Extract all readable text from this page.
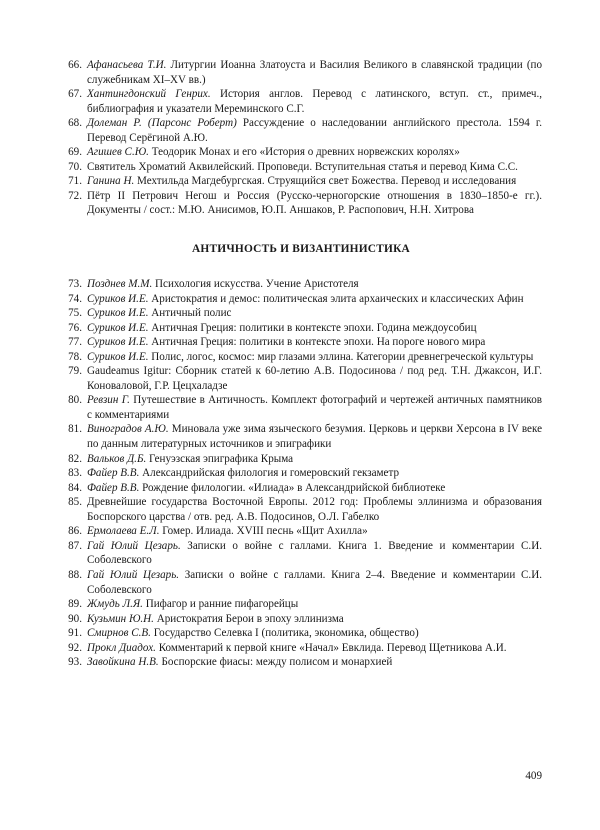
66. Афанасьева Т.И. Литургии Иоанна Златоуста и Василия Великого в славянской традиции (по служебникам XI–XV вв.)
67. Хантингдонский Генрих. История англов. Перевод с латинского, вступ. ст., примеч., библиография и указатели Мереминского С.Г.
68. Долеман Р. (Парсонс Роберт) Рассуждение о наследовании английского престола. 1594 г. Перевод Серёгиной А.Ю.
69. Агишев С.Ю. Теодорик Монах и его «История о древних норвежских королях»
70. Святитель Хроматий Аквилейский. Проповеди. Вступительная статья и перевод Кима С.С.
71. Ганина Н. Мехтильда Магдебургская. Струящийся свет Божества. Перевод и исследования
72. Пётр II Петрович Негош и Россия (Русско-черногорские отношения в 1830–1850-е гг.). Документы / сост.: М.Ю. Анисимов, Ю.П. Аншаков, Р. Распопович, Н.Н. Хитрова
АНТИЧНОСТЬ И ВИЗАНТИНИСТИКА
73. Позднев М.М. Психология искусства. Учение Аристотеля
74. Суриков И.Е. Аристократия и демос: политическая элита архаических и классических Афин
75. Суриков И.Е. Античный полис
76. Суриков И.Е. Античная Греция: политики в контексте эпохи. Година междоусобиц
77. Суриков И.Е. Античная Греция: политики в контексте эпохи. На пороге нового мира
78. Суриков И.Е. Полис, логос, космос: мир глазами эллина. Категории древнегреческой культуры
79. Gaudeamus Igitur: Сборник статей к 60-летию А.В. Подосинова / под ред. Т.Н. Джаксон, И.Г. Коноваловой, Г.Р. Цецхаладзе
80. Ревзин Г. Путешествие в Античность. Комплект фотографий и чертежей античных памятников с комментариями
81. Виноградов А.Ю. Миновала уже зима языческого безумия. Церковь и церкви Херсона в IV веке по данным литературных источников и эпиграфики
82. Вальков Д.Б. Генуэзская эпиграфика Крыма
83. Файер В.В. Александрийская филология и гомеровский гекзаметр
84. Файер В.В. Рождение филологии. «Илиада» в Александрийской библиотеке
85. Древнейшие государства Восточной Европы. 2012 год: Проблемы эллинизма и образования Боспорского царства / отв. ред. А.В. Подосинов, О.Л. Габелко
86. Ермолаева Е.Л. Гомер. Илиада. XVIII песнь «Щит Ахилла»
87. Гай Юлий Цезарь. Записки о войне с галлами. Книга 1. Введение и комментарии С.И. Соболевского
88. Гай Юлий Цезарь. Записки о войне с галлами. Книга 2–4. Введение и комментарии С.И. Соболевского
89. Жмудь Л.Я. Пифагор и ранние пифагорейцы
90. Кузьмин Ю.Н. Аристократия Берои в эпоху эллинизма
91. Смирнов С.В. Государство Селевка I (политика, экономика, общество)
92. Прокл Диадох. Комментарий к первой книге «Начал» Евклида. Перевод Щетникова А.И.
93. Завойкина Н.В. Боспорские фиасы: между полисом и монархией
409
